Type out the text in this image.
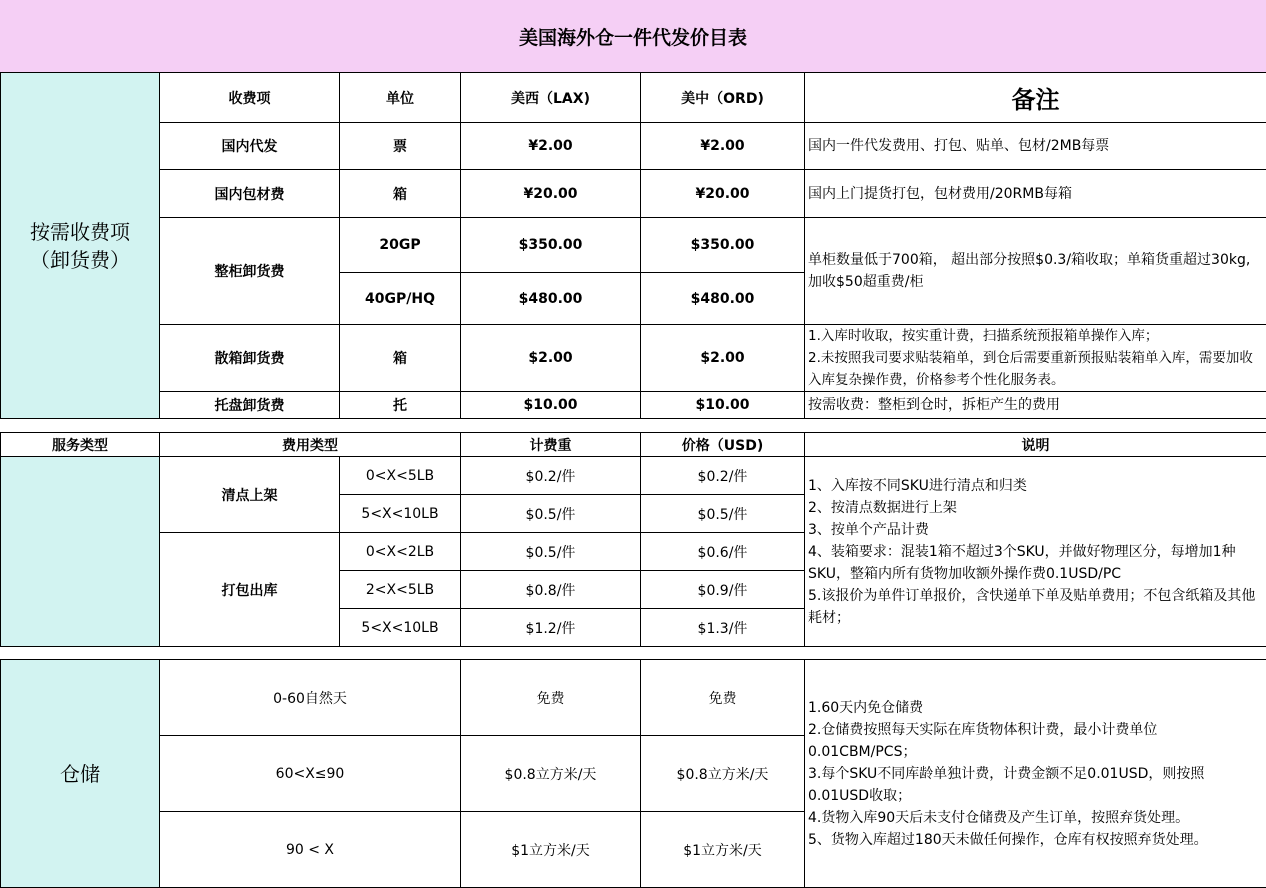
美国海外仓一件代发价目表
按需收费项
（卸货费）	收费项	单位	美西（LAX)	美中（ORD)	备注
	国内代发	票	¥2.00	¥2.00	国内一件代发费用、打包、贴单、包材/2MB每票
	国内包材费	箱	¥20.00	¥20.00	国内上门提货打包，包材费用/20RMB每箱
	整柜卸货费	20GP	$350.00	$350.00	单柜数量低于700箱， 超出部分按照$0.3/箱收取；单箱货重超过30kg, 加收$50超重费/柜
		40GP/HQ	$480.00	$480.00	
	散箱卸货费	箱	$2.00	$2.00	1.入库时收取，按实重计费，扫描系统预报箱单操作入库；
2.未按照我司要求贴装箱单，到仓后需要重新预报贴装箱单入库，需要加收入库复杂操作费，价格参考个性化服务表。
	托盘卸货费	托	$10.00	$10.00	按需收费：整柜到仓时，拆柜产生的费用
服务类型	费用类型		计费重	价格（USD)	说明
	清点上架	0<X<5LB	$0.2/件	$0.2/件	1、入库按不同SKU进行清点和归类
2、按清点数据进行上架
3、按单个产品计费
4、装箱要求：混装1箱不超过3个SKU，并做好物理区分，每增加1种SKU，整箱内所有货物加收额外操作费0.1USD/PC
5.该报价为单件订单报价，含快递单下单及贴单费用；不包含纸箱及其他耗材；
		5<X<10LB	$0.5/件	$0.5/件	
	打包出库	0<X<2LB	$0.5/件	$0.6/件	
		2<X<5LB	$0.8/件	$0.9/件	
		5<X<10LB	$1.2/件	$1.3/件	
仓储	0-60自然天	免费	免费	1.60天内免仓储费
2.仓储费按照每天实际在库货物体积计费，最小计费单位0.01CBM/PCS；
3.每个SKU不同库龄单独计费，计费金额不足0.01USD，则按照0.01USD收取；
4.货物入库90天后未支付仓储费及产生订单，按照弃货处理。
5、货物入库超过180天未做任何操作，仓库有权按照弃货处理。
	60<X≤90	$0.8立方米/天	$0.8立方米/天	
	90 < X	$1立方米/天	$1立方米/天	
